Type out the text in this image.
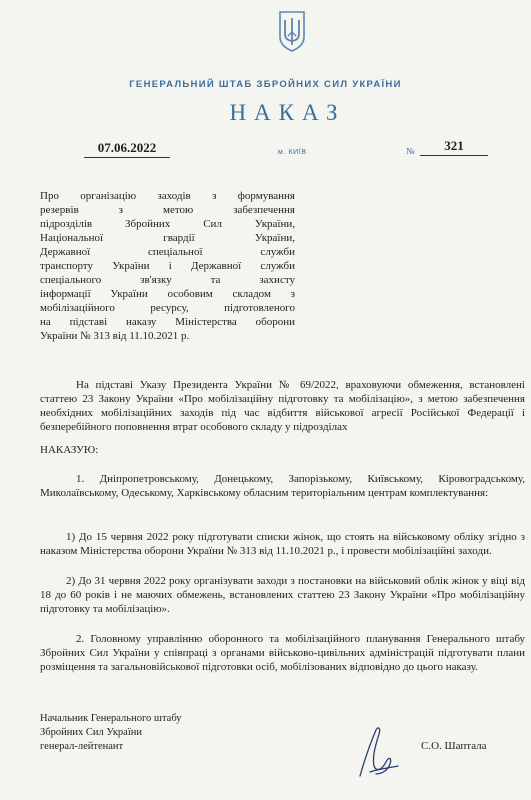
ГЕНЕРАЛЬНИЙ ШТАБ ЗБРОЙНИХ СИЛ УКРАЇНИ
НАКАЗ
07.06.2022	м. КИЇВ	№	321
Про організацію заходів з формування
резервів з метою забезпечення
підрозділів Збройних Сил України,
Національної гвардії України,
Державної спеціальної служби
транспорту України і Державної служби
спеціального зв'язку та захисту
інформації України особовим складом з
мобілізаційного ресурсу, підготовленого
на підставі наказу Міністерства оборони
України № 313 від 11.10.2021 р.
На підставі Указу Президента України № 69/2022, враховуючи обмеження, встановлені статтею 23 Закону України «Про мобілізаційну підготовку та мобілізацію», з метою забезпечення необхідних мобілізаційних заходів під час відбиття військової агресії Російської Федерації і безперебійного поповнення втрат особового складу у підрозділах
НАКАЗУЮ:
1. Дніпропетровському, Донецькому, Запорізькому, Київському, Кіровоградському, Миколаївському, Одеському, Харківському обласним територіальним центрам комплектування:
1) До 15 червня 2022 року підготувати списки жінок, що стоять на військовому обліку згідно з наказом Міністерства оборони України № 313 від 11.10.2021 р., і провести мобілізаційні заходи.
2) До 31 червня 2022 року організувати заходи з постановки на військовий облік жінок у віці від 18 до 60 років і не маючих обмежень, встановлених статтею 23 Закону України «Про мобілізаційну підготовку та мобілізацію».
2. Головному управлінню оборонного та мобілізаційного планування Генерального штабу Збройних Сил України у співпраці з органами військово-цивільних адміністрацій підготувати плани розміщення та загальновійськової підготовки осіб, мобілізованих відповідно до цього наказу.
Начальник Генерального штабу
Збройних Сил України
генерал-лейтенант	С.О. Шаптала
